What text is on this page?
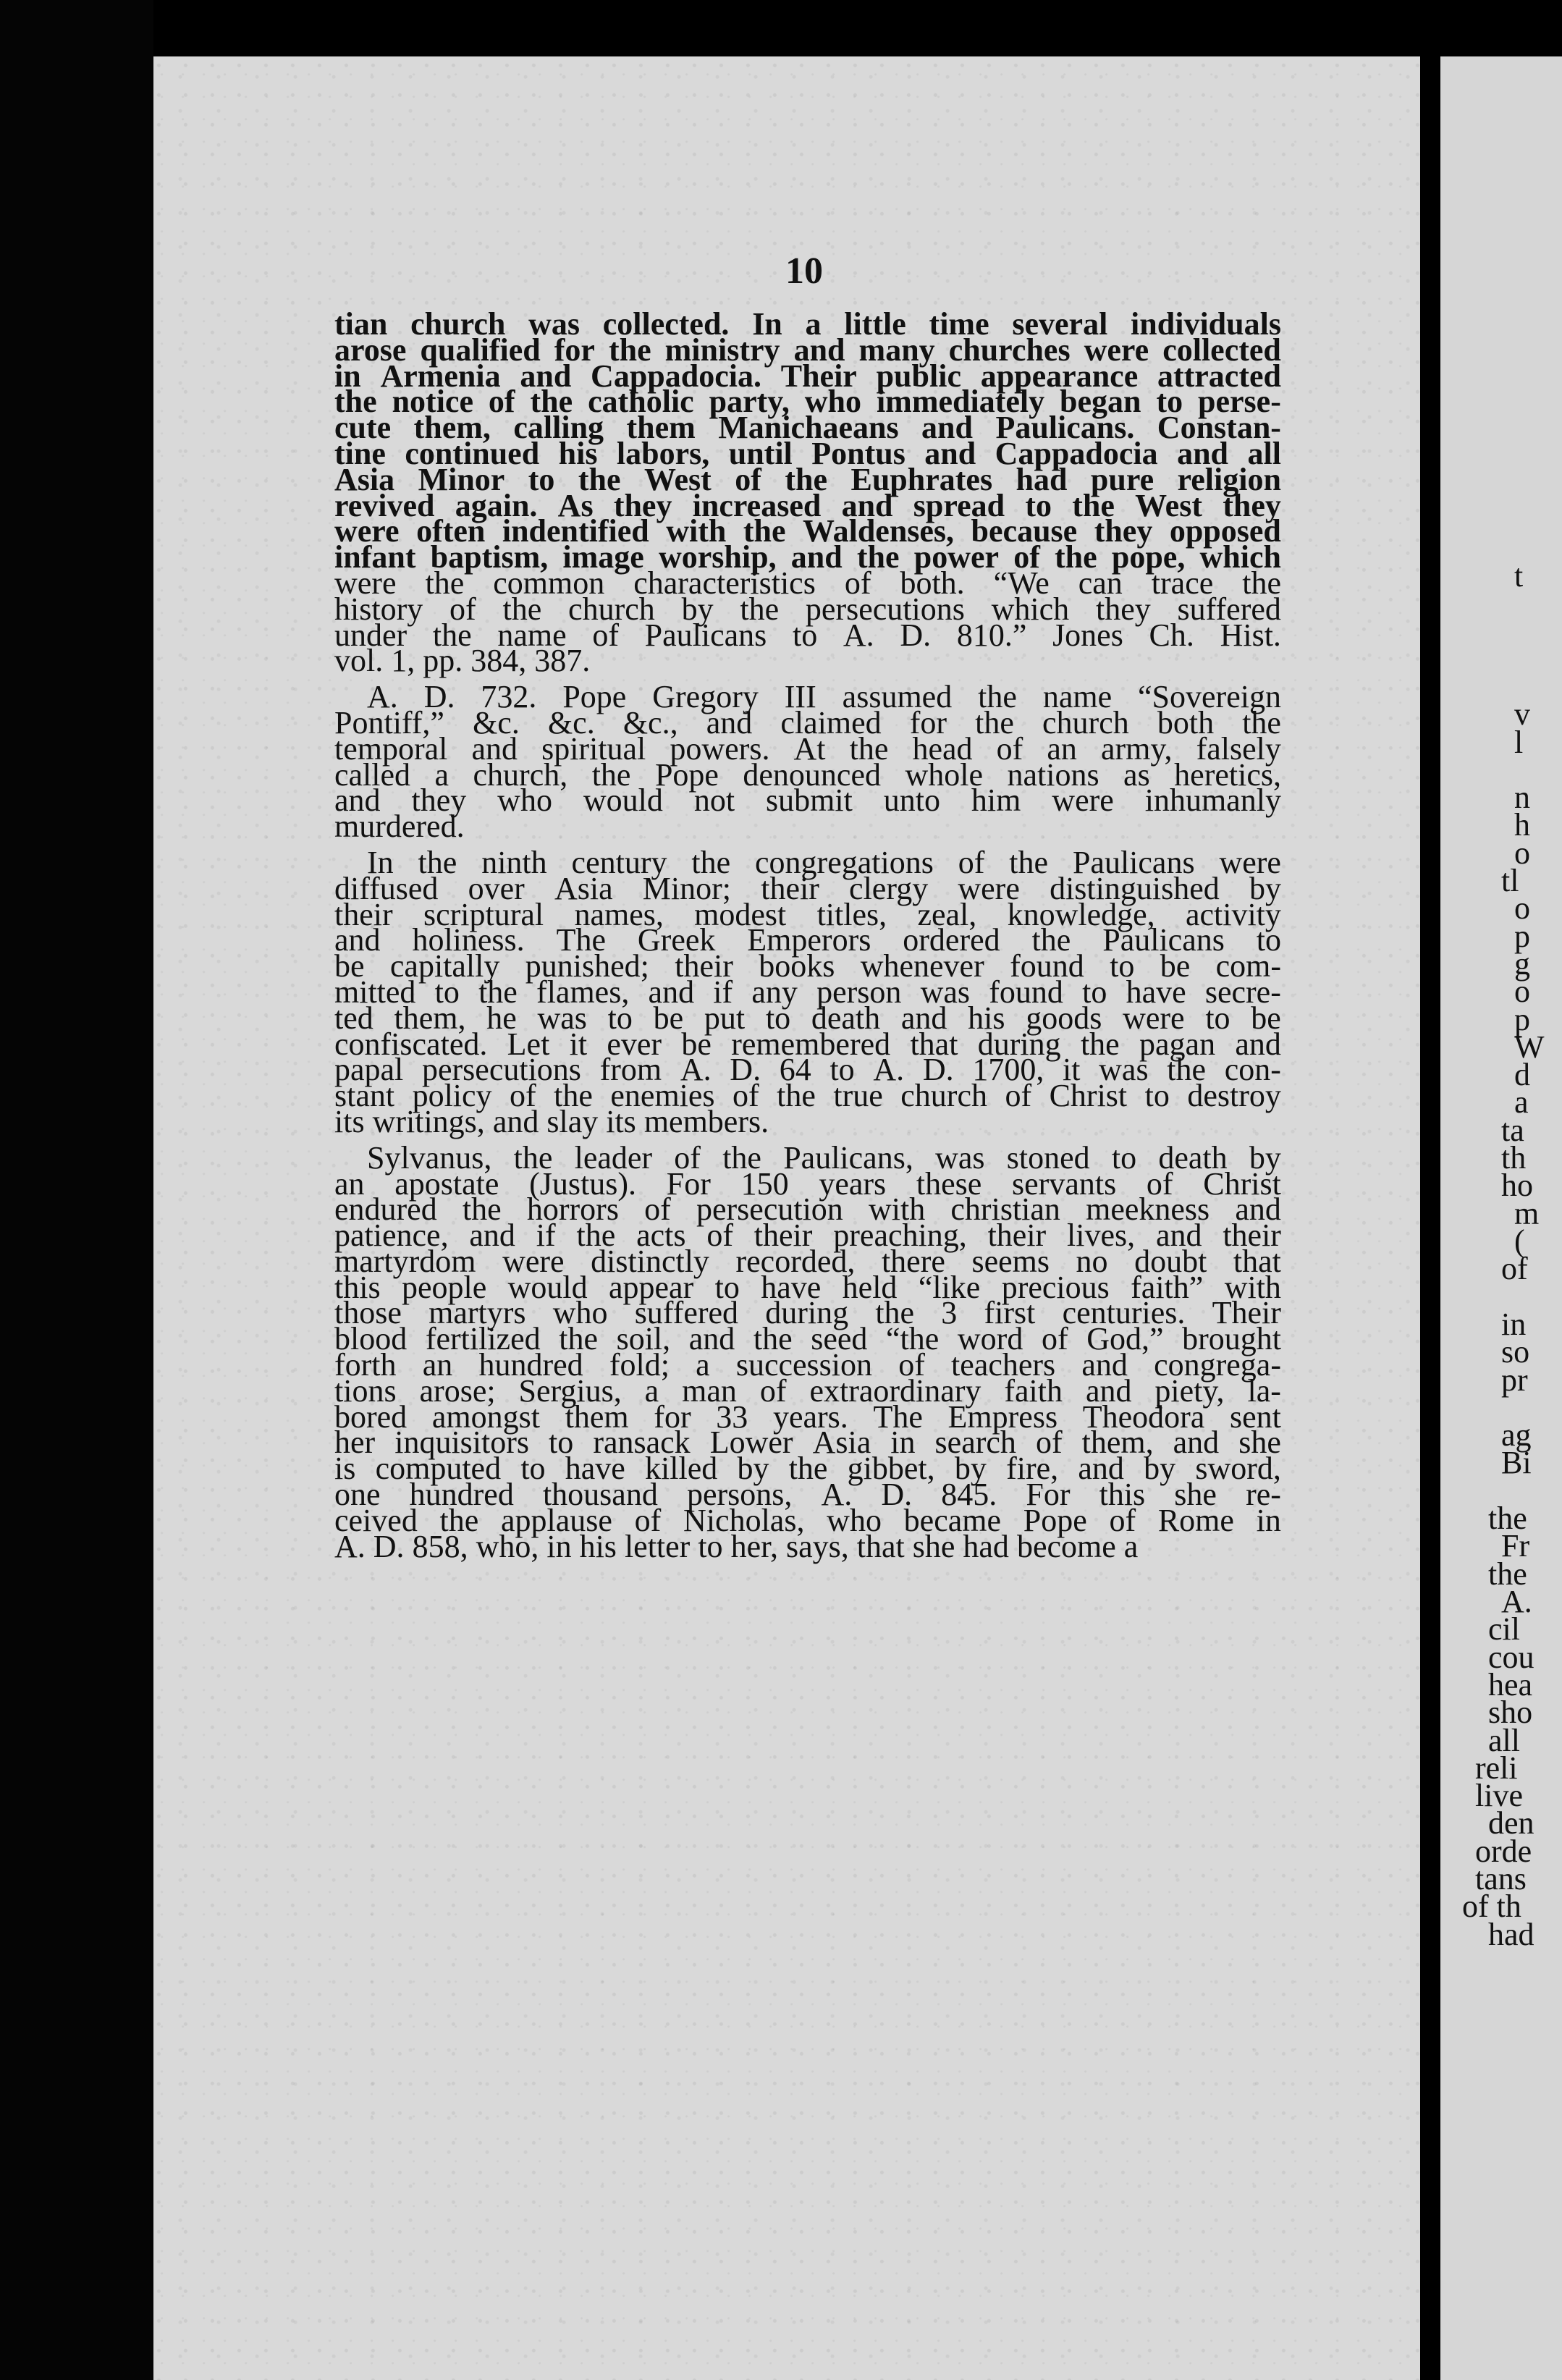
10
tian church was collected. In a little time several individuals
arose qualified for the ministry and many churches were collected
in Armenia and Cappadocia. Their public appearance attracted
the notice of the catholic party, who immediately began to perse-
cute them, calling them Manichaeans and Paulicans. Constan-
tine continued his labors, until Pontus and Cappadocia and all
Asia Minor to the West of the Euphrates had pure religion
revived again. As they increased and spread to the West they
were often indentified with the Waldenses, because they opposed
infant baptism, image worship, and the power of the pope, which
were the common characteristics of both. “We can trace the
history of the church by the persecutions which they suffered
under the name of Paulicans to A. D. 810.” Jones Ch. Hist.
vol. 1, pp. 384, 387.
A. D. 732. Pope Gregory III assumed the name “Sovereign
Pontiff,” &c. &c. &c., and claimed for the church both the
temporal and spiritual powers. At the head of an army, falsely
called a church, the Pope denounced whole nations as heretics,
and they who would not submit unto him were inhumanly
murdered.
In the ninth century the congregations of the Paulicans were
diffused over Asia Minor; their clergy were distinguished by
their scriptural names, modest titles, zeal, knowledge, activity
and holiness. The Greek Emperors ordered the Paulicans to
be capitally punished; their books whenever found to be com-
mitted to the flames, and if any person was found to have secre-
ted them, he was to be put to death and his goods were to be
confiscated. Let it ever be remembered that during the pagan and
papal persecutions from A. D. 64 to A. D. 1700, it was the con-
stant policy of the enemies of the true church of Christ to destroy
its writings, and slay its members.
Sylvanus, the leader of the Paulicans, was stoned to death by
an apostate (Justus). For 150 years these servants of Christ
endured the horrors of persecution with christian meekness and
patience, and if the acts of their preaching, their lives, and their
martyrdom were distinctly recorded, there seems no doubt that
this people would appear to have held “like precious faith” with
those martyrs who suffered during the 3 first centuries. Their
blood fertilized the soil, and the seed “the word of God,” brought
forth an hundred fold; a succession of teachers and congrega-
tions arose; Sergius, a man of extraordinary faith and piety, la-
bored amongst them for 33 years. The Empress Theodora sent
her inquisitors to ransack Lower Asia in search of them, and she
is computed to have killed by the gibbet, by fire, and by sword,
one hundred thousand persons, A. D. 845. For this she re-
ceived the applause of Nicholas, who became Pope of Rome in
A. D. 858, who, in his letter to her, says, that she had become a
t
v
l
n
h
o
tl
o
p
g
o
p
W
d
a
ta
th
ho
m
(
of
in
so
pr
ag
Bi
the
Fr
the
A.
cil
cou
hea
sho
all
reli
live
den
orde
tans
of th
had
